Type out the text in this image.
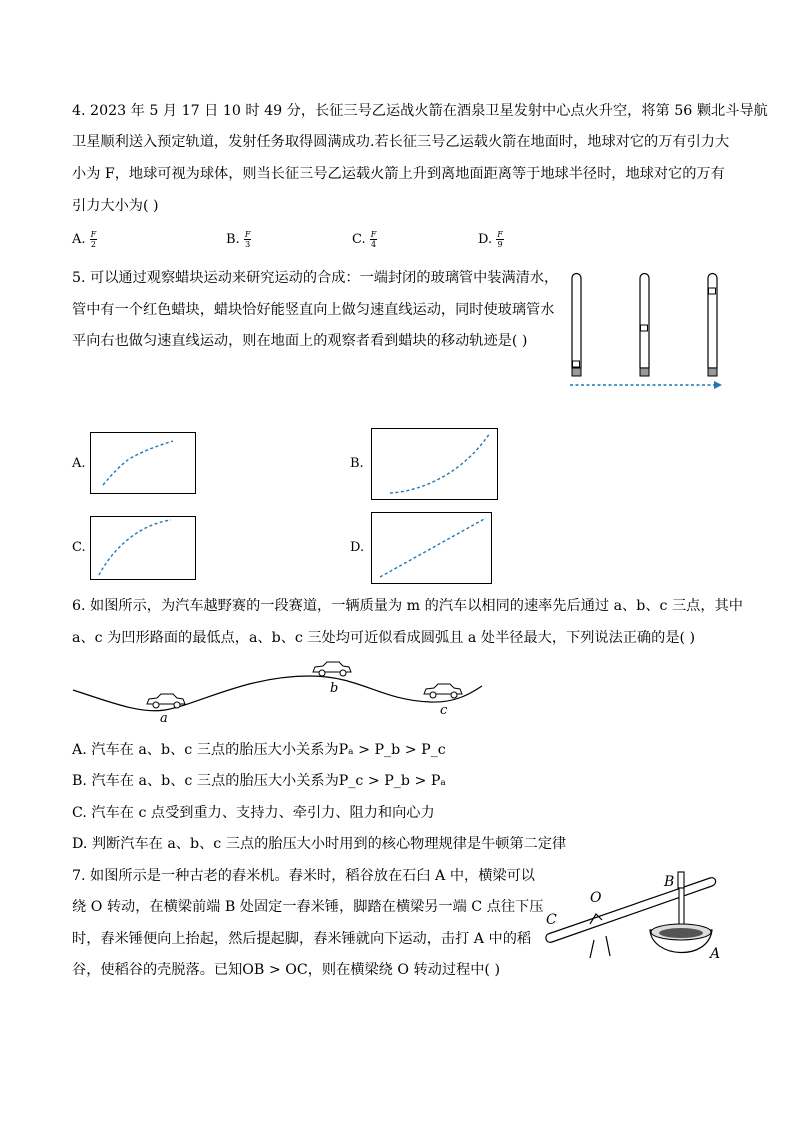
4. 2023 年 5 月 17 日 10 时 49 分，长征三号乙运战火箭在酒泉卫星发射中心点火升空，将第 56 颗北斗导航
卫星顺利送入预定轨道，发射任务取得圆满成功.若长征三号乙运载火箭在地面时，地球对它的万有引力大
小为 F，地球可视为球体，则当长征三号乙运载火箭上升到离地面距离等于地球半径时，地球对它的万有
引力大小为( )
A. $\frac{F}{2}$	B. $\frac{F}{3}$	C. $\frac{F}{4}$	D. $\frac{F}{9}$
5. 可以通过观察蜡块运动来研究运动的合成：一端封闭的玻璃管中装满清水，
管中有一个红色蜡块，蜡块恰好能竖直向上做匀速直线运动，同时使玻璃管水
平向右也做匀速直线运动，则在地面上的观察者看到蜡块的移动轨迹是( )
A.	B.
C.	D.
6. 如图所示，为汽车越野赛的一段赛道，一辆质量为 m 的汽车以相同的速率先后通过 a、b、c 三点，其中
a、c 为凹形路面的最低点，a、b、c 三处均可近似看成圆弧且 a 处半径最大，下列说法正确的是( )
a
b
c
A. 汽车在 a、b、c 三点的胎压大小关系为Pₐ > P_b > P_c
B. 汽车在 a、b、c 三点的胎压大小关系为P_c > P_b > Pₐ
C. 汽车在 c 点受到重力、支持力、牵引力、阻力和向心力
D. 判断汽车在 a、b、c 三点的胎压大小时用到的核心物理规律是牛顿第二定律
7. 如图所示是一种古老的舂米机。舂米时，稻谷放在石臼 A 中，横梁可以
绕 O 转动，在横梁前端 B 处固定一舂米锤，脚踏在横梁另一端 C 点往下压
时，舂米锤便向上抬起，然后提起脚，舂米锤就向下运动，击打 A 中的稻
谷，使稻谷的壳脱落。已知OB > OC，则在横梁绕 O 转动过程中( )
C
O
B
A
